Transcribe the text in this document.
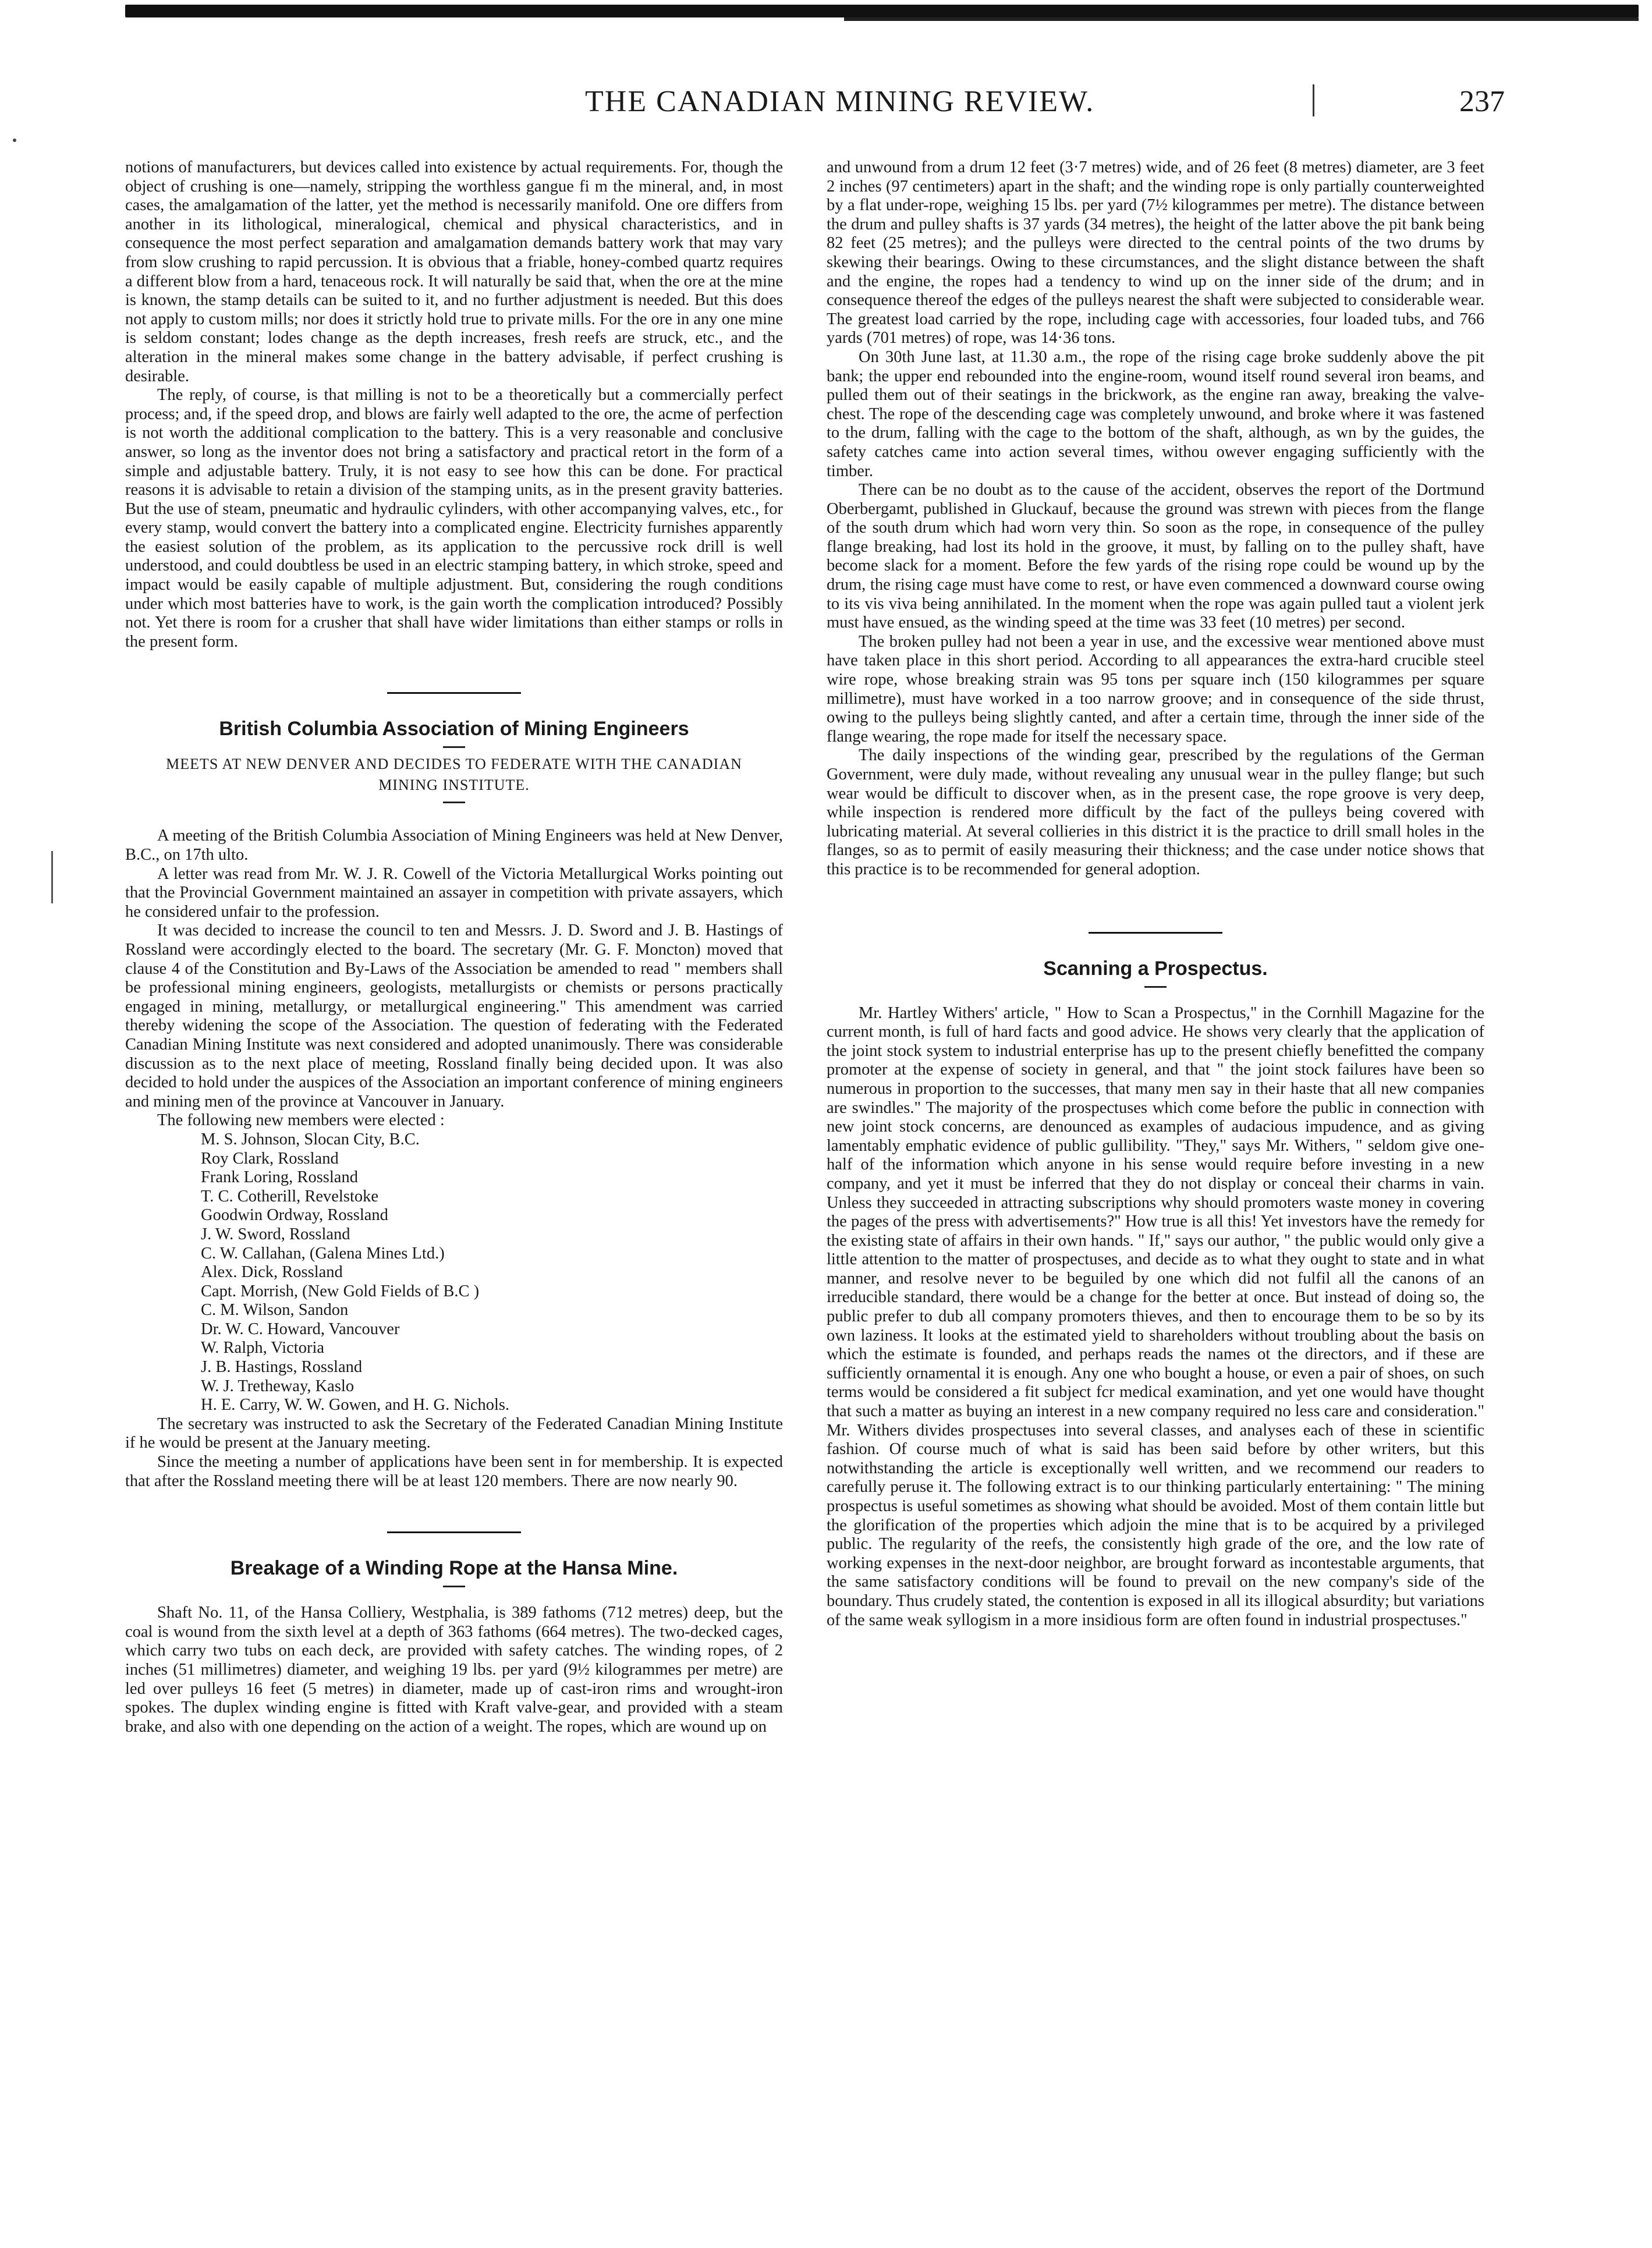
THE CANADIAN MINING REVIEW.	237

notions of manufacturers, but devices called into existence by actual requirements. For, though the object of crushing is one—namely, stripping the worthless gangue fi m the mineral, and, in most cases, the amalgamation of the latter, yet the method is necessarily manifold. One ore differs from another in its lithological, mineralogical, chemical and physical characteristics, and in consequence the most perfect separation and amalgamation demands battery work that may vary from slow crushing to rapid percussion. It is obvious that a friable, honey-combed quartz requires a different blow from a hard, tenaceous rock. It will naturally be said that, when the ore at the mine is known, the stamp details can be suited to it, and no further adjustment is needed. But this does not apply to custom mills; nor does it strictly hold true to private mills. For the ore in any one mine is seldom constant; lodes change as the depth increases, fresh reefs are struck, etc., and the alteration in the mineral makes some change in the battery advisable, if perfect crushing is desirable.

The reply, of course, is that milling is not to be a theoretically but a commercially perfect process; and, if the speed drop, and blows are fairly well adapted to the ore, the acme of perfection is not worth the additional complication to the battery. This is a very reasonable and conclusive answer, so long as the inventor does not bring a satisfactory and practical retort in the form of a simple and adjustable battery. Truly, it is not easy to see how this can be done. For practical reasons it is advisable to retain a division of the stamping units, as in the present gravity batteries. But the use of steam, pneumatic and hydraulic cylinders, with other accompanying valves, etc., for every stamp, would convert the battery into a complicated engine. Electricity furnishes apparently the easiest solution of the problem, as its application to the percussive rock drill is well understood, and could doubtless be used in an electric stamping battery, in which stroke, speed and impact would be easily capable of multiple adjustment. But, considering the rough conditions under which most batteries have to work, is the gain worth the complication introduced? Possibly not. Yet there is room for a crusher that shall have wider limitations than either stamps or rolls in the present form.

British Columbia Association of Mining Engineers
MEETS AT NEW DENVER AND DECIDES TO FEDERATE WITH THE CANADIAN MINING INSTITUTE.

A meeting of the British Columbia Association of Mining Engineers was held at New Denver, B.C., on 17th ulto.

A letter was read from Mr. W. J. R. Cowell of the Victoria Metallurgical Works pointing out that the Provincial Government maintained an assayer in competition with private assayers, which he considered unfair to the profession.

It was decided to increase the council to ten and Messrs. J. D. Sword and J. B. Hastings of Rossland were accordingly elected to the board. The secretary (Mr. G. F. Moncton) moved that clause 4 of the Constitution and By-Laws of the Association be amended to read " members shall be professional mining engineers, geologists, metallurgists or chemists or persons practically engaged in mining, metallurgy, or metallurgical engineering." This amendment was carried thereby widening the scope of the Association. The question of federating with the Federated Canadian Mining Institute was next considered and adopted unanimously. There was considerable discussion as to the next place of meeting, Rossland finally being decided upon. It was also decided to hold under the auspices of the Association an important conference of mining engineers and mining men of the province at Vancouver in January.

The following new members were elected :

M. S. Johnson, Slocan City, B.C.
Roy Clark, Rossland
Frank Loring, Rossland
T. C. Cotherill, Revelstoke
Goodwin Ordway, Rossland
J. W. Sword, Rossland
C. W. Callahan, (Galena Mines Ltd.)
Alex. Dick, Rossland
Capt. Morrish, (New Gold Fields of B.C )
C. M. Wilson, Sandon
Dr. W. C. Howard, Vancouver
W. Ralph, Victoria
J. B. Hastings, Rossland
W. J. Tretheway, Kaslo
H. E. Carry, W. W. Gowen, and H. G. Nichols.

The secretary was instructed to ask the Secretary of the Federated Canadian Mining Institute if he would be present at the January meeting.

Since the meeting a number of applications have been sent in for membership. It is expected that after the Rossland meeting there will be at least 120 members. There are now nearly 90.

Breakage of a Winding Rope at the Hansa Mine.

Shaft No. 11, of the Hansa Colliery, Westphalia, is 389 fathoms (712 metres) deep, but the coal is wound from the sixth level at a depth of 363 fathoms (664 metres). The two-decked cages, which carry two tubs on each deck, are provided with safety catches. The winding ropes, of 2 inches (51 millimetres) diameter, and weighing 19 lbs. per yard (9½ kilogrammes per metre) are led over pulleys 16 feet (5 metres) in diameter, made up of cast-iron rims and wrought-iron spokes. The duplex winding engine is fitted with Kraft valve-gear, and provided with a steam brake, and also with one depending on the action of a weight. The ropes, which are wound up on

and unwound from a drum 12 feet (3·7 metres) wide, and of 26 feet (8 metres) diameter, are 3 feet 2 inches (97 centimeters) apart in the shaft; and the winding rope is only partially counterweighted by a flat under-rope, weighing 15 lbs. per yard (7½ kilogrammes per metre). The distance between the drum and pulley shafts is 37 yards (34 metres), the height of the latter above the pit bank being 82 feet (25 metres); and the pulleys were directed to the central points of the two drums by skewing their bearings. Owing to these circumstances, and the slight distance between the shaft and the engine, the ropes had a tendency to wind up on the inner side of the drum; and in consequence thereof the edges of the pulleys nearest the shaft were subjected to considerable wear. The greatest load carried by the rope, including cage with accessories, four loaded tubs, and 766 yards (701 metres) of rope, was 14·36 tons.

On 30th June last, at 11.30 a.m., the rope of the rising cage broke suddenly above the pit bank; the upper end rebounded into the engine-room, wound itself round several iron beams, and pulled them out of their seatings in the brickwork, as the engine ran away, breaking the valve-chest. The rope of the descending cage was completely unwound, and broke where it was fastened to the drum, falling with the cage to the bottom of the shaft, although, as wn by the guides, the safety catches came into action several times, withou owever engaging sufficiently with the timber.

There can be no doubt as to the cause of the accident, observes the report of the Dortmund Oberbergamt, published in Gluckauf, because the ground was strewn with pieces from the flange of the south drum which had worn very thin. So soon as the rope, in consequence of the pulley flange breaking, had lost its hold in the groove, it must, by falling on to the pulley shaft, have become slack for a moment. Before the few yards of the rising rope could be wound up by the drum, the rising cage must have come to rest, or have even commenced a downward course owing to its vis viva being annihilated. In the moment when the rope was again pulled taut a violent jerk must have ensued, as the winding speed at the time was 33 feet (10 metres) per second.

The broken pulley had not been a year in use, and the excessive wear mentioned above must have taken place in this short period. According to all appearances the extra-hard crucible steel wire rope, whose breaking strain was 95 tons per square inch (150 kilogrammes per square millimetre), must have worked in a too narrow groove; and in consequence of the side thrust, owing to the pulleys being slightly canted, and after a certain time, through the inner side of the flange wearing, the rope made for itself the necessary space.

The daily inspections of the winding gear, prescribed by the regulations of the German Government, were duly made, without revealing any unusual wear in the pulley flange; but such wear would be difficult to discover when, as in the present case, the rope groove is very deep, while inspection is rendered more difficult by the fact of the pulleys being covered with lubricating material. At several collieries in this district it is the practice to drill small holes in the flanges, so as to permit of easily measuring their thickness; and the case under notice shows that this practice is to be recommended for general adoption.

Scanning a Prospectus.

Mr. Hartley Withers' article, " How to Scan a Prospectus," in the Cornhill Magazine for the current month, is full of hard facts and good advice. He shows very clearly that the application of the joint stock system to industrial enterprise has up to the present chiefly benefitted the company promoter at the expense of society in general, and that " the joint stock failures have been so numerous in proportion to the successes, that many men say in their haste that all new companies are swindles." The majority of the prospectuses which come before the public in connection with new joint stock concerns, are denounced as examples of audacious impudence, and as giving lamentably emphatic evidence of public gullibility. "They," says Mr. Withers, " seldom give one-half of the information which anyone in his sense would require before investing in a new company, and yet it must be inferred that they do not display or conceal their charms in vain. Unless they succeeded in attracting subscriptions why should promoters waste money in covering the pages of the press with advertisements?" How true is all this! Yet investors have the remedy for the existing state of affairs in their own hands. " If," says our author, " the public would only give a little attention to the matter of prospectuses, and decide as to what they ought to state and in what manner, and resolve never to be beguiled by one which did not fulfil all the canons of an irreducible standard, there would be a change for the better at once. But instead of doing so, the public prefer to dub all company promoters thieves, and then to encourage them to be so by its own laziness. It looks at the estimated yield to shareholders without troubling about the basis on which the estimate is founded, and perhaps reads the names ot the directors, and if these are sufficiently ornamental it is enough. Any one who bought a house, or even a pair of shoes, on such terms would be considered a fit subject fcr medical examination, and yet one would have thought that such a matter as buying an interest in a new company required no less care and consideration." Mr. Withers divides prospectuses into several classes, and analyses each of these in scientific fashion. Of course much of what is said has been said before by other writers, but this notwithstanding the article is exceptionally well written, and we recommend our readers to carefully peruse it. The following extract is to our thinking particularly entertaining: " The mining prospectus is useful sometimes as showing what should be avoided. Most of them contain little but the glorification of the properties which adjoin the mine that is to be acquired by a privileged public. The regularity of the reefs, the consistently high grade of the ore, and the low rate of working expenses in the next-door neighbor, are brought forward as incontestable arguments, that the same satisfactory conditions will be found to prevail on the new company's side of the boundary. Thus crudely stated, the contention is exposed in all its illogical absurdity; but variations of the same weak syllogism in a more insidious form are often found in industrial prospectuses."
